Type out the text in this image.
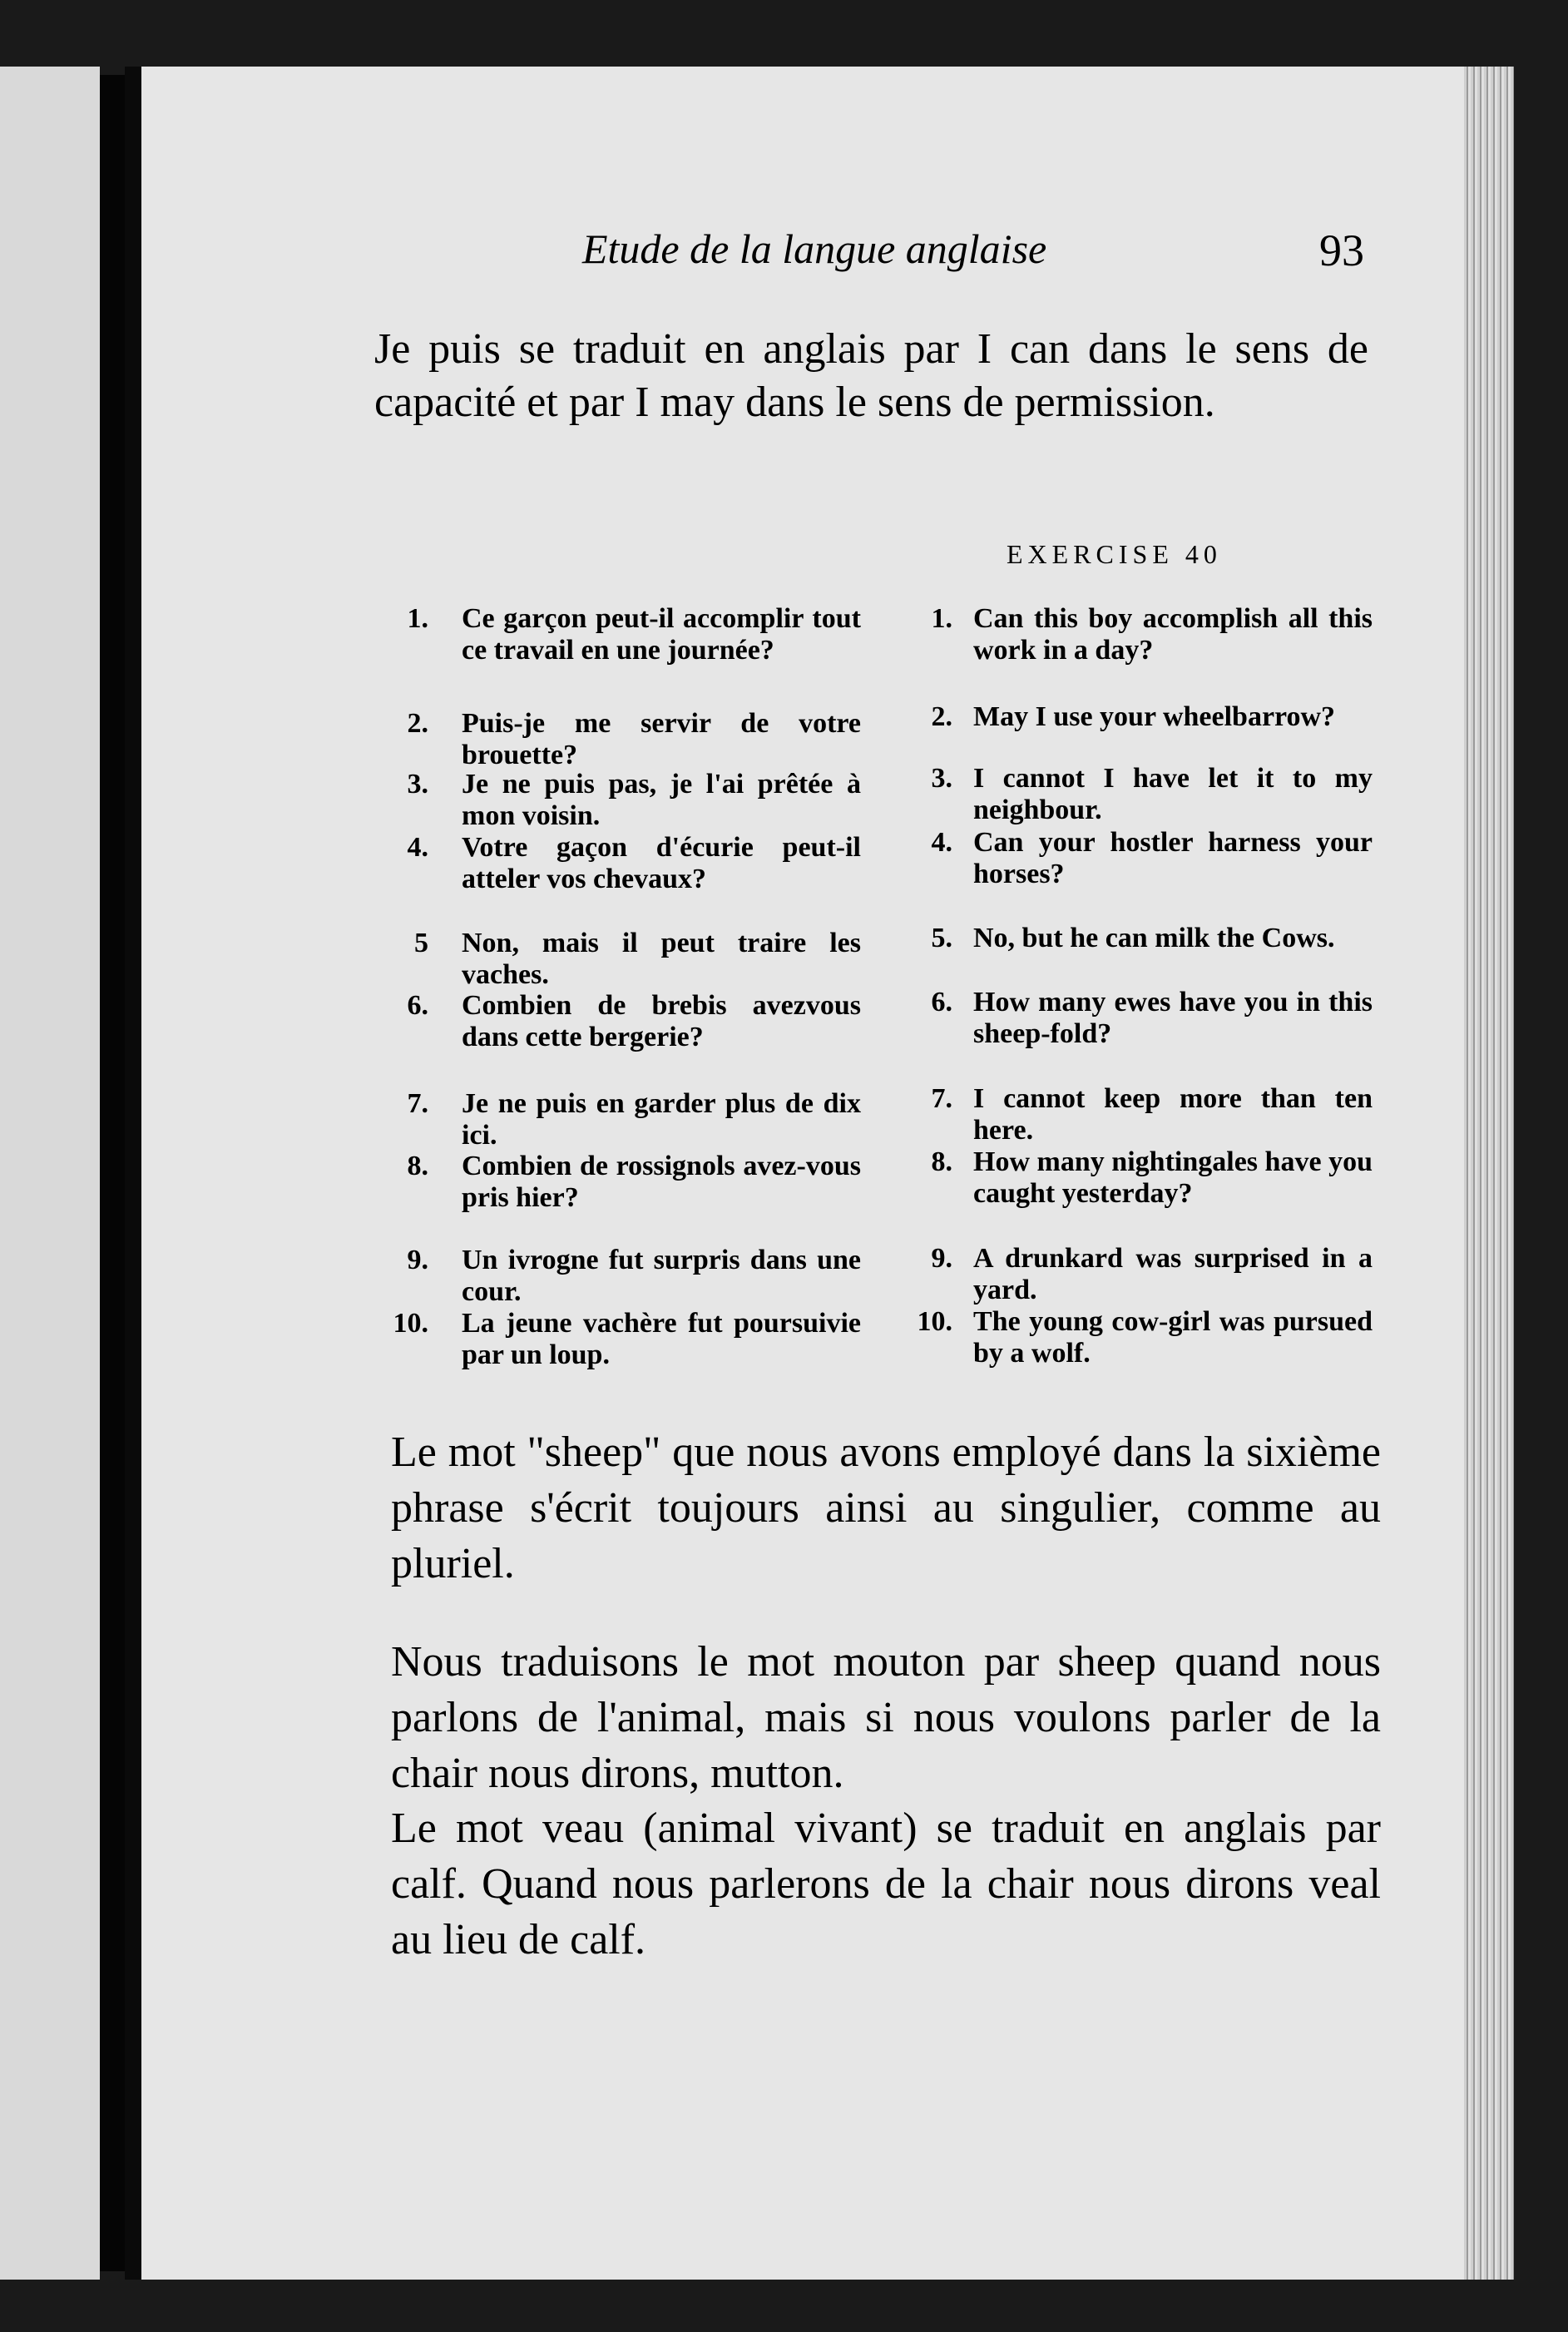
Etude de la langue anglaise	93
Je puis se traduit en anglais par I can dans le sens de capacité et par I may dans le sens de permission.
EXERCISE 40
1. Ce garçon peut-il accomplir tout ce travail en une journée?
2. Puis-je me servir de votre brouette?
3. Je ne puis pas, je l'ai prêtée à mon voisin.
4. Votre gaçon d'écurie peut-il atteler vos chevaux?
5 Non, mais il peut traire les vaches.
6. Combien de brebis avezvous dans cette bergerie?
7. Je ne puis en garder plus de dix ici.
8. Combien de rossignols avez-vous pris hier?
9. Un ivrogne fut surpris dans une cour.
10. La jeune vachère fut poursuivie par un loup.
1. Can this boy accomplish all this work in a day?
2. May I use your wheelbarrow?
3. I cannot I have let it to my neighbour.
4. Can your hostler harness your horses?
5. No, but he can milk the Cows.
6. How many ewes have you in this sheep-fold?
7. I cannot keep more than ten here.
8. How many nightingales have you caught yesterday?
9. A drunkard was surprised in a yard.
10. The young cow-girl was pursued by a wolf.
Le mot "sheep" que nous avons employé dans la sixième phrase s'écrit toujours ainsi au singulier, comme au pluriel.
Nous traduisons le mot mouton par sheep quand nous parlons de l'animal, mais si nous voulons parler de la chair nous dirons, mutton.
Le mot veau (animal vivant) se traduit en anglais par calf. Quand nous parlerons de la chair nous dirons veal au lieu de calf.
